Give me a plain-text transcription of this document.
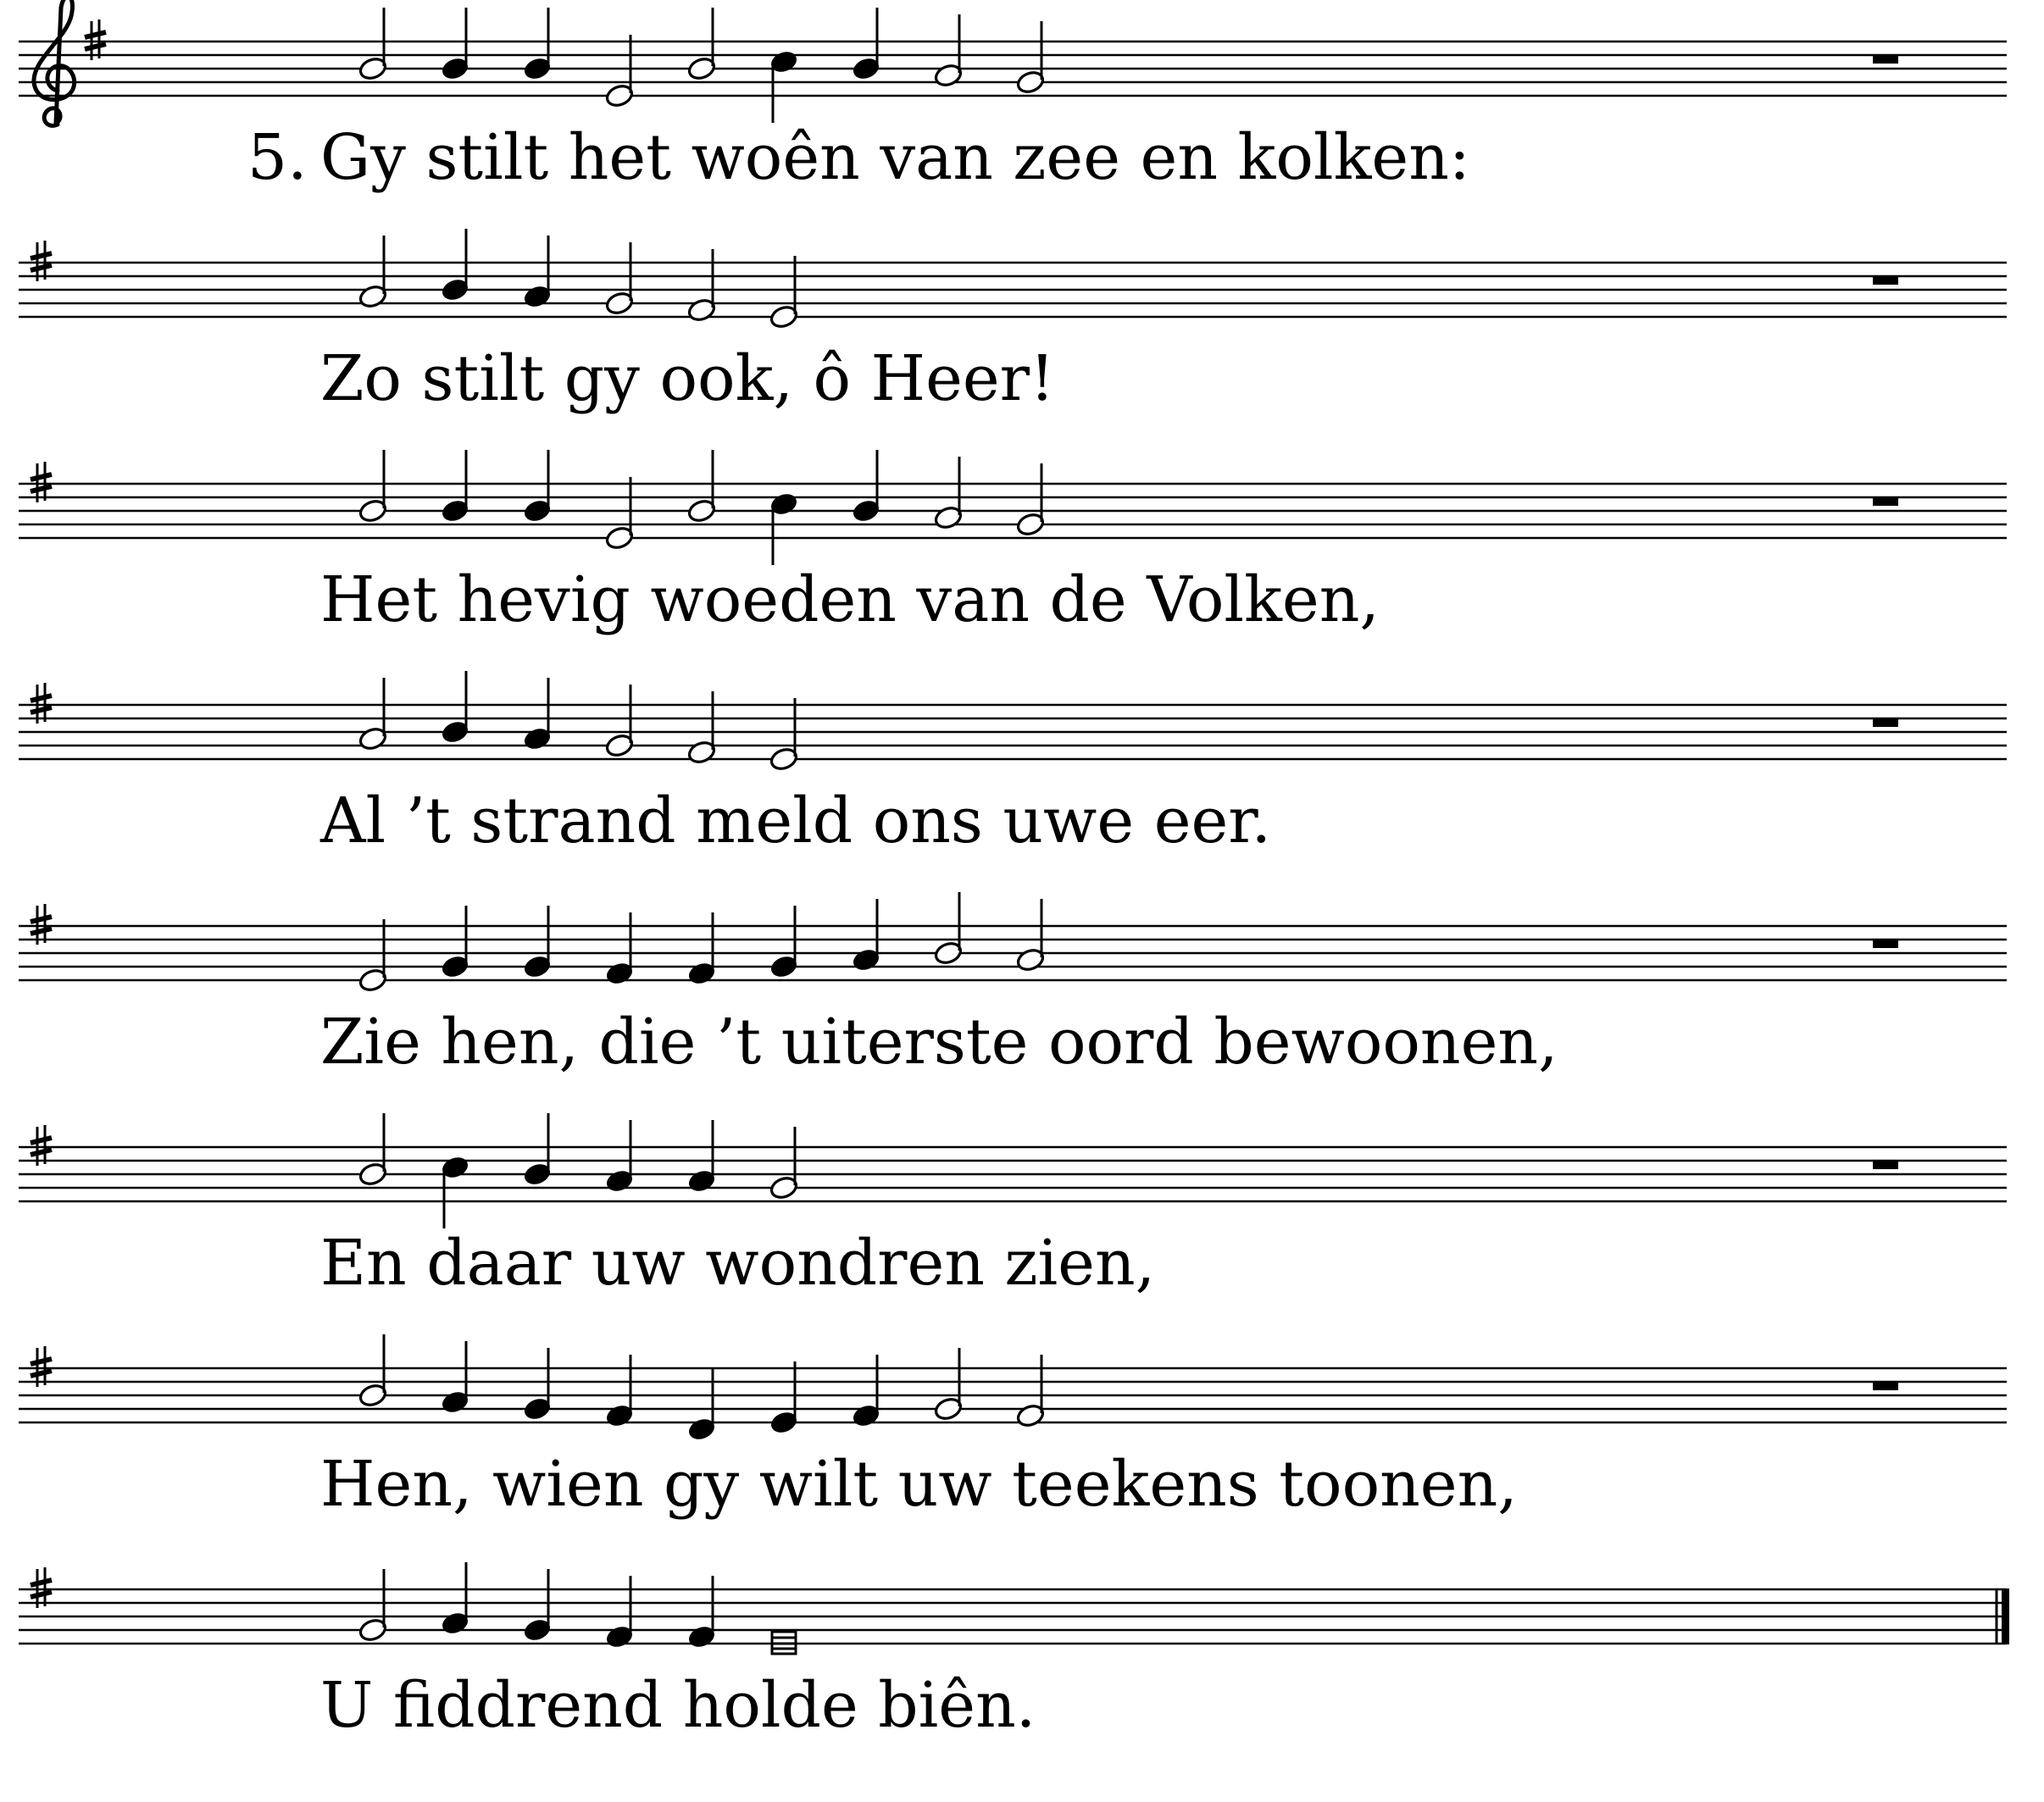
5. Gy stilt het woên van zee en kolken:
Zo stilt gy ook, ô Heer!
Het hevig woeden van de Volken,
Al ’t strand meld ons uwe eer.
Zie hen, die ’t uiterste oord bewoonen,
En daar uw wondren zien,
Hen, wien gy wilt uw teekens toonen,
U fiddrend holde biên.
